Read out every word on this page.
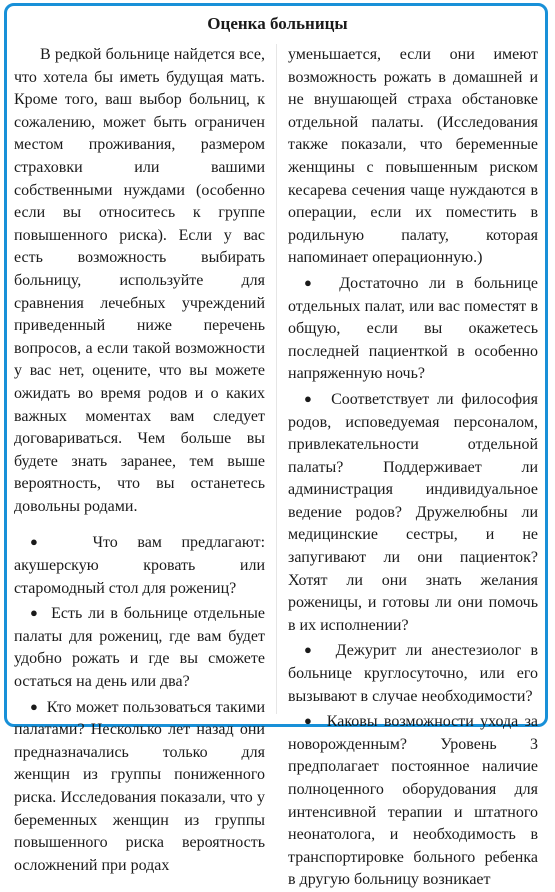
Оценка больницы

В редкой больнице найдется все, что хотела бы иметь будущая мать. Кроме того, ваш выбор больниц, к сожалению, может быть ограничен местом проживания, размером страховки или вашими собственными нуждами (особенно если вы относитесь к группе повышенного риска). Если у вас есть возможность выбирать больницу, используйте для сравнения лечебных учреждений приведенный ниже перечень вопросов, а если такой возможности у вас нет, оцените, что вы можете ожидать во время родов и о каких важных моментах вам следует договариваться. Чем больше вы будете знать заранее, тем выше вероятность, что вы останетесь довольны родами.

● Что вам предлагают: акушерскую кровать или старомодный стол для рожениц?

● Есть ли в больнице отдельные палаты для рожениц, где вам будет удобно рожать и где вы сможете остаться на день или два?

● Кто может пользоваться такими палатами? Несколько лет назад они предназначались только для женщин из группы пониженного риска. Исследования показали, что у беременных женщин из группы повышенного риска вероятность осложнений при родах

уменьшается, если они имеют возможность рожать в домашней и не внушающей страха обстановке отдельной палаты. (Исследования также показали, что беременные женщины с повышенным риском кесарева сечения чаще нуждаются в операции, если их поместить в родильную палату, которая напоминает операционную.)

● Достаточно ли в больнице отдельных палат, или вас поместят в общую, если вы окажетесь последней пациенткой в особенно напряженную ночь?

● Соответствует ли философия родов, исповедуемая персоналом, привлекательности отдельной палаты? Поддерживает ли администрация индивидуальное ведение родов? Дружелюбны ли медицинские сестры, и не запугивают ли они пациенток? Хотят ли они знать желания роженицы, и готовы ли они помочь в их исполнении?

● Дежурит ли анестезиолог в больнице круглосуточно, или его вызывают в случае необходимости?

● Каковы возможности ухода за новорожденным? Уровень 3 предполагает постоянное наличие полноценного оборудования для интенсивной терапии и штатного неонатолога, и необходимость в транспортировке больного ребенка в другую больницу возникает
